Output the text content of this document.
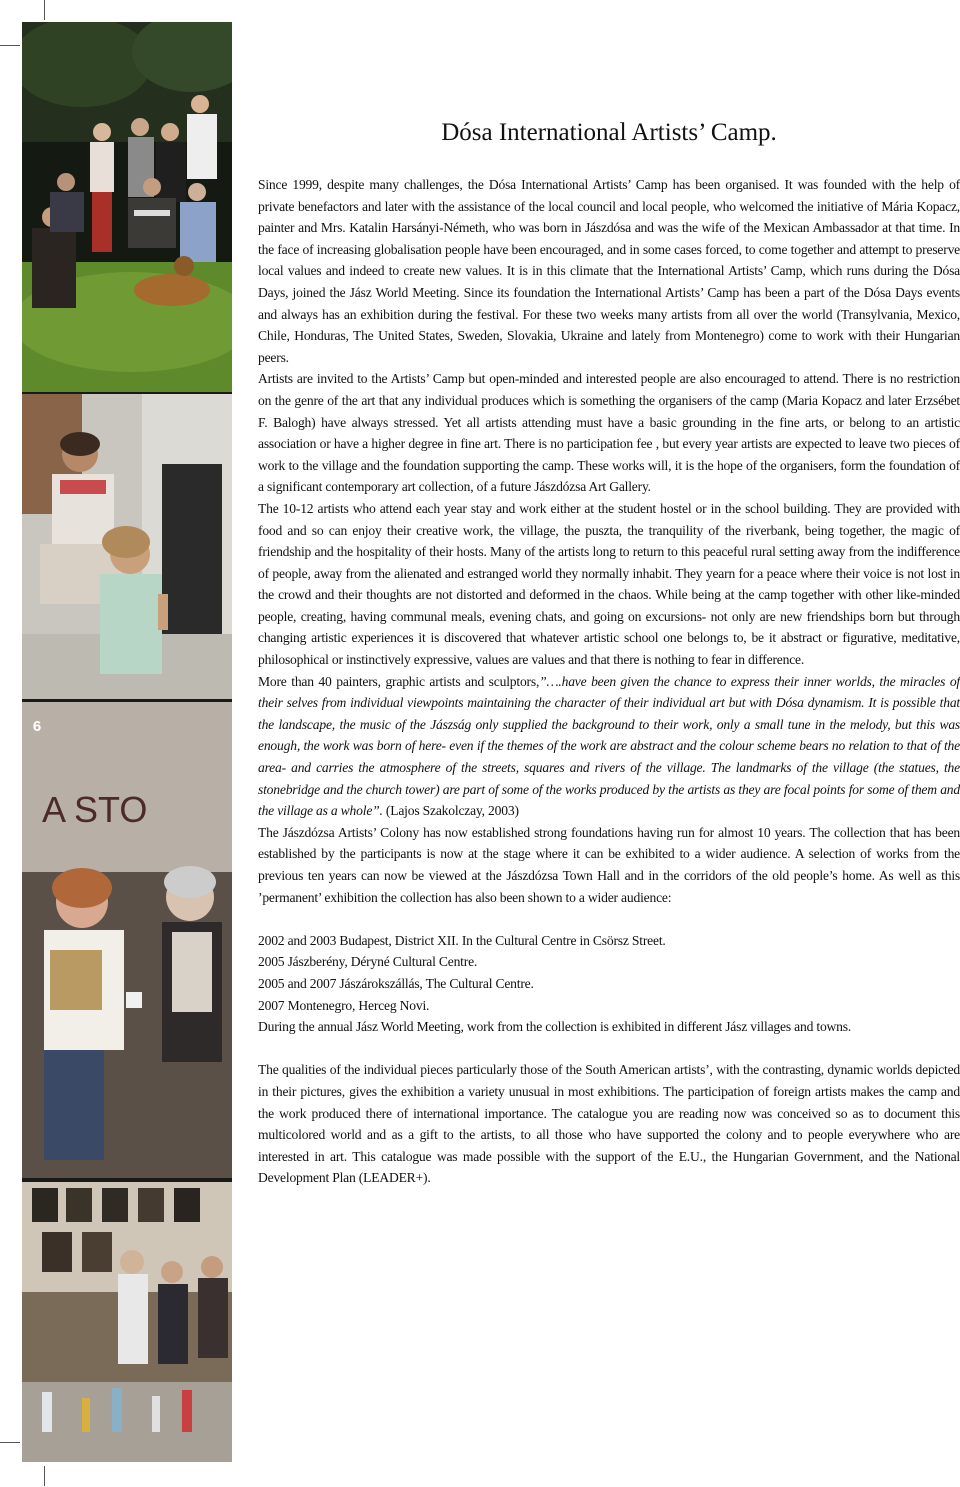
A STO
6
Dósa International Artists’ Camp.

Since 1999, despite many challenges, the Dósa International Artists’ Camp has been organised. It was founded with the help of private benefactors and later with the assistance of the local council and local people, who welcomed the initiative of Mária Kopacz, painter and Mrs. Katalin Harsányi-Németh, who was born in Jászdósa and was the wife of the Mexican Ambassador at that time. In the face of increasing globalisation people have been encouraged, and in some cases forced, to come together and attempt to preserve local values and indeed to create new values. It is in this climate that the International Artists’ Camp, which runs during the Dósa Days, joined the Jász World Meeting. Since its foundation the International Artists’ Camp has been a part of the Dósa Days events and always has an exhibition during the festival. For these two weeks many artists from all over the world (Transylvania, Mexico, Chile, Honduras, The United States, Sweden, Slovakia, Ukraine and lately from Montenegro) come to work with their Hungarian peers.

Artists are invited to the Artists’ Camp but open-minded and interested people are also encouraged to attend. There is no restriction on the genre of the art that any individual produces which is something the organisers of the camp (Maria Kopacz and later Erzsébet F. Balogh) have always stressed. Yet all artists attending must have a basic grounding in the fine arts, or belong to an artistic association or have a higher degree in fine art. There is no participation fee , but every year artists are expected to leave two pieces of work to the village and the foundation supporting the camp. These works will, it is the hope of the organisers, form the foundation of a significant contemporary art collection, of a future Jászdózsa Art Gallery.

The 10-12 artists who attend each year stay and work either at the student hostel or in the school building. They are provided with food and so can enjoy their creative work, the village, the puszta, the tranquility of the riverbank, being together, the magic of friendship and the hospitality of their hosts. Many of the artists long to return to this peaceful rural setting away from the indifference of people, away from the alienated and estranged world they normally inhabit. They yearn for a peace where their voice is not lost in the crowd and their thoughts are not distorted and deformed in the chaos. While being at the camp together with other like-minded people, creating, having communal meals, evening chats, and going on excursions- not only are new friendships born but through changing artistic experiences it is discovered that whatever artistic school one belongs to, be it abstract or figurative, meditative, philosophical or instinctively expressive, values are values and that there is nothing to fear in difference.

More than 40 painters, graphic artists and sculptors,”….have been given the chance to express their inner worlds, the miracles of their selves from individual viewpoints maintaining the character of their individual art but with Dósa dynamism. It is possible that the landscape, the music of the Jászság only supplied the background to their work, only a small tune in the melody, but this was enough, the work was born of here- even if the themes of the work are abstract and the colour scheme bears no relation to that of the area- and carries the atmosphere of the streets, squares and rivers of the village. The landmarks of the village (the statues, the stonebridge and the church tower) are part of some of the works produced by the artists as they are focal points for some of them and the village as a whole”. (Lajos Szakolczay, 2003)

The Jászdózsa Artists’ Colony has now established strong foundations having run for almost 10 years. The collection that has been established by the participants is now at the stage where it can be exhibited to a wider audience. A selection of works from the previous ten years can now be viewed at the Jászdózsa Town Hall and in the corridors of the old people’s home. As well as this ’permanent’ exhibition the collection has also been shown to a wider audience:

2002 and 2003 Budapest, District XII. In the Cultural Centre in Csörsz Street.

2005 Jászberény, Déryné Cultural Centre.

2005 and 2007 Jászárokszállás, The Cultural Centre.

2007 Montenegro, Herceg Novi.

During the annual Jász World Meeting, work from the collection is exhibited in different Jász villages and towns.

The qualities of the individual pieces particularly those of the South American artists’, with the contrasting, dynamic worlds depicted in their pictures, gives the exhibition a variety unusual in most exhibitions. The participation of foreign artists makes the camp and the work produced there of international importance. The catalogue you are reading now was conceived so as to document this multicolored world and as a gift to the artists, to all those who have supported the colony and to people everywhere who are interested in art. This catalogue was made possible with the support of the E.U., the Hungarian Government, and the National Development Plan (LEADER+).
